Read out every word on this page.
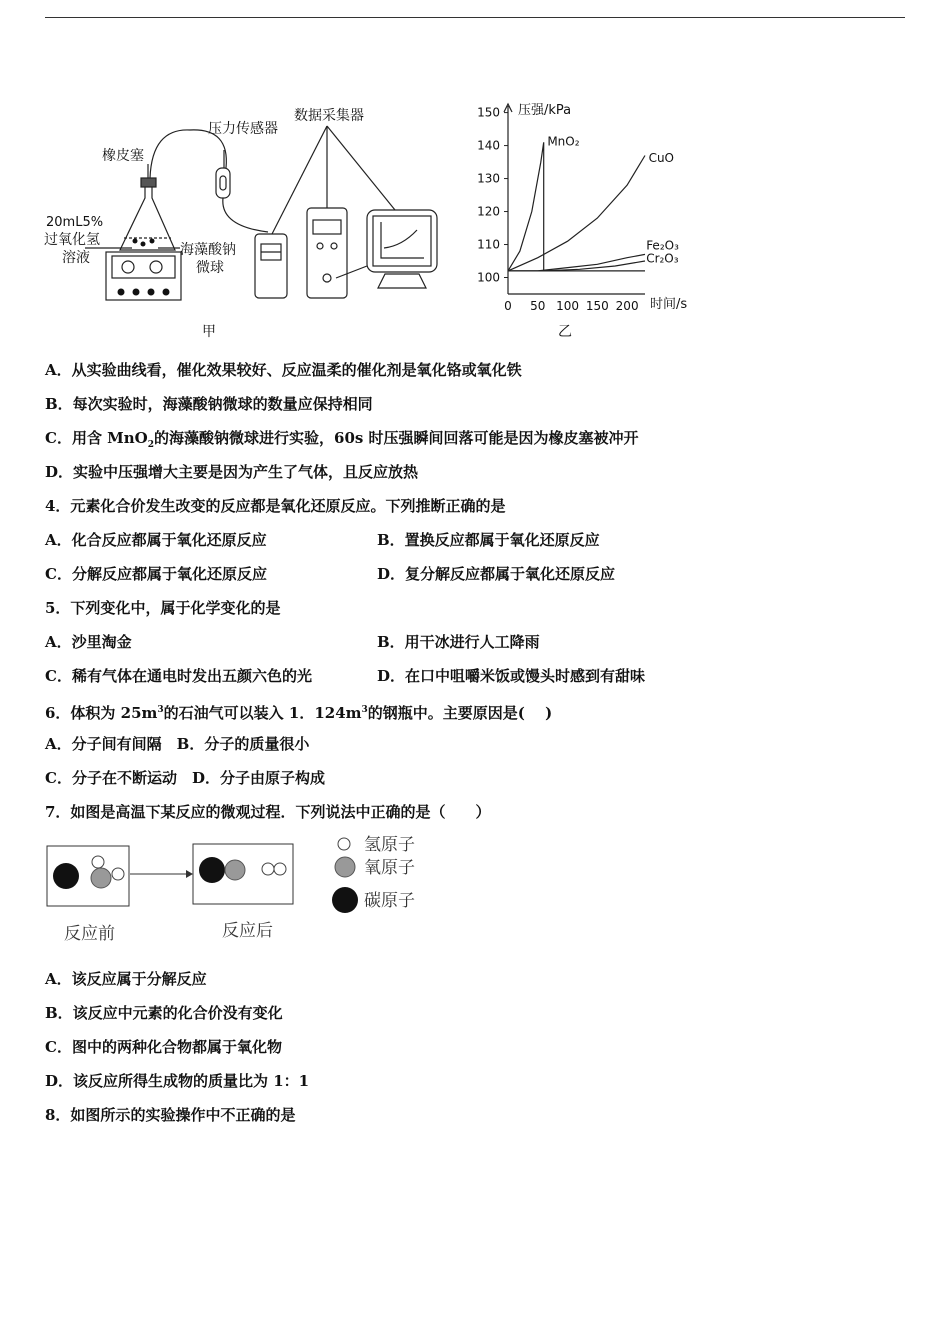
橡皮塞
压力传感器
数据采集器
20mL5%
过氧化氢
溶液	海藻酸钠
微球
甲
100
110
120
130
140
150
0 50 100 150 200
MnO₂
CuO
Fe₂O₃
Cr₂O₃
压强/kPa
时间/s
乙
A．从实验曲线看，催化效果较好、反应温柔的催化剂是氧化铬或氧化铁
B．每次实验时，海藻酸钠微球的数量应保持相同
C．用含 MnO$_2$的海藻酸钠微球进行实验，60s 时压强瞬间回落可能是因为橡皮塞被冲开
D．实验中压强增大主要是因为产生了气体，且反应放热
4．元素化合价发生改变的反应都是氧化还原反应。下列推断正确的是
A．化合反应都属于氧化还原反应	B．置换反应都属于氧化还原反应
C．分解反应都属于氧化还原反应	D．复分解反应都属于氧化还原反应
5．下列变化中，属于化学变化的是
A．沙里淘金	B．用干冰进行人工降雨
C．稀有气体在通电时发出五颜六色的光	D．在口中咀嚼米饭或馒头时感到有甜味
6．体积为 $25m^3$的石油气可以装入 1．$124m^3$的钢瓶中。主要原因是(　 )
A．分子间有间隔　B．分子的质量很小
C．分子在不断运动　D．分子由原子构成
7．如图是高温下某反应的微观过程．下列说法中正确的是（　　）
氢原子
氧原子
碳原子
反应前	反应后
A．该反应属于分解反应
B．该反应中元素的化合价没有变化
C．图中的两种化合物都属于氧化物
D．该反应所得生成物的质量比为 1：1
8．如图所示的实验操作中不正确的是
